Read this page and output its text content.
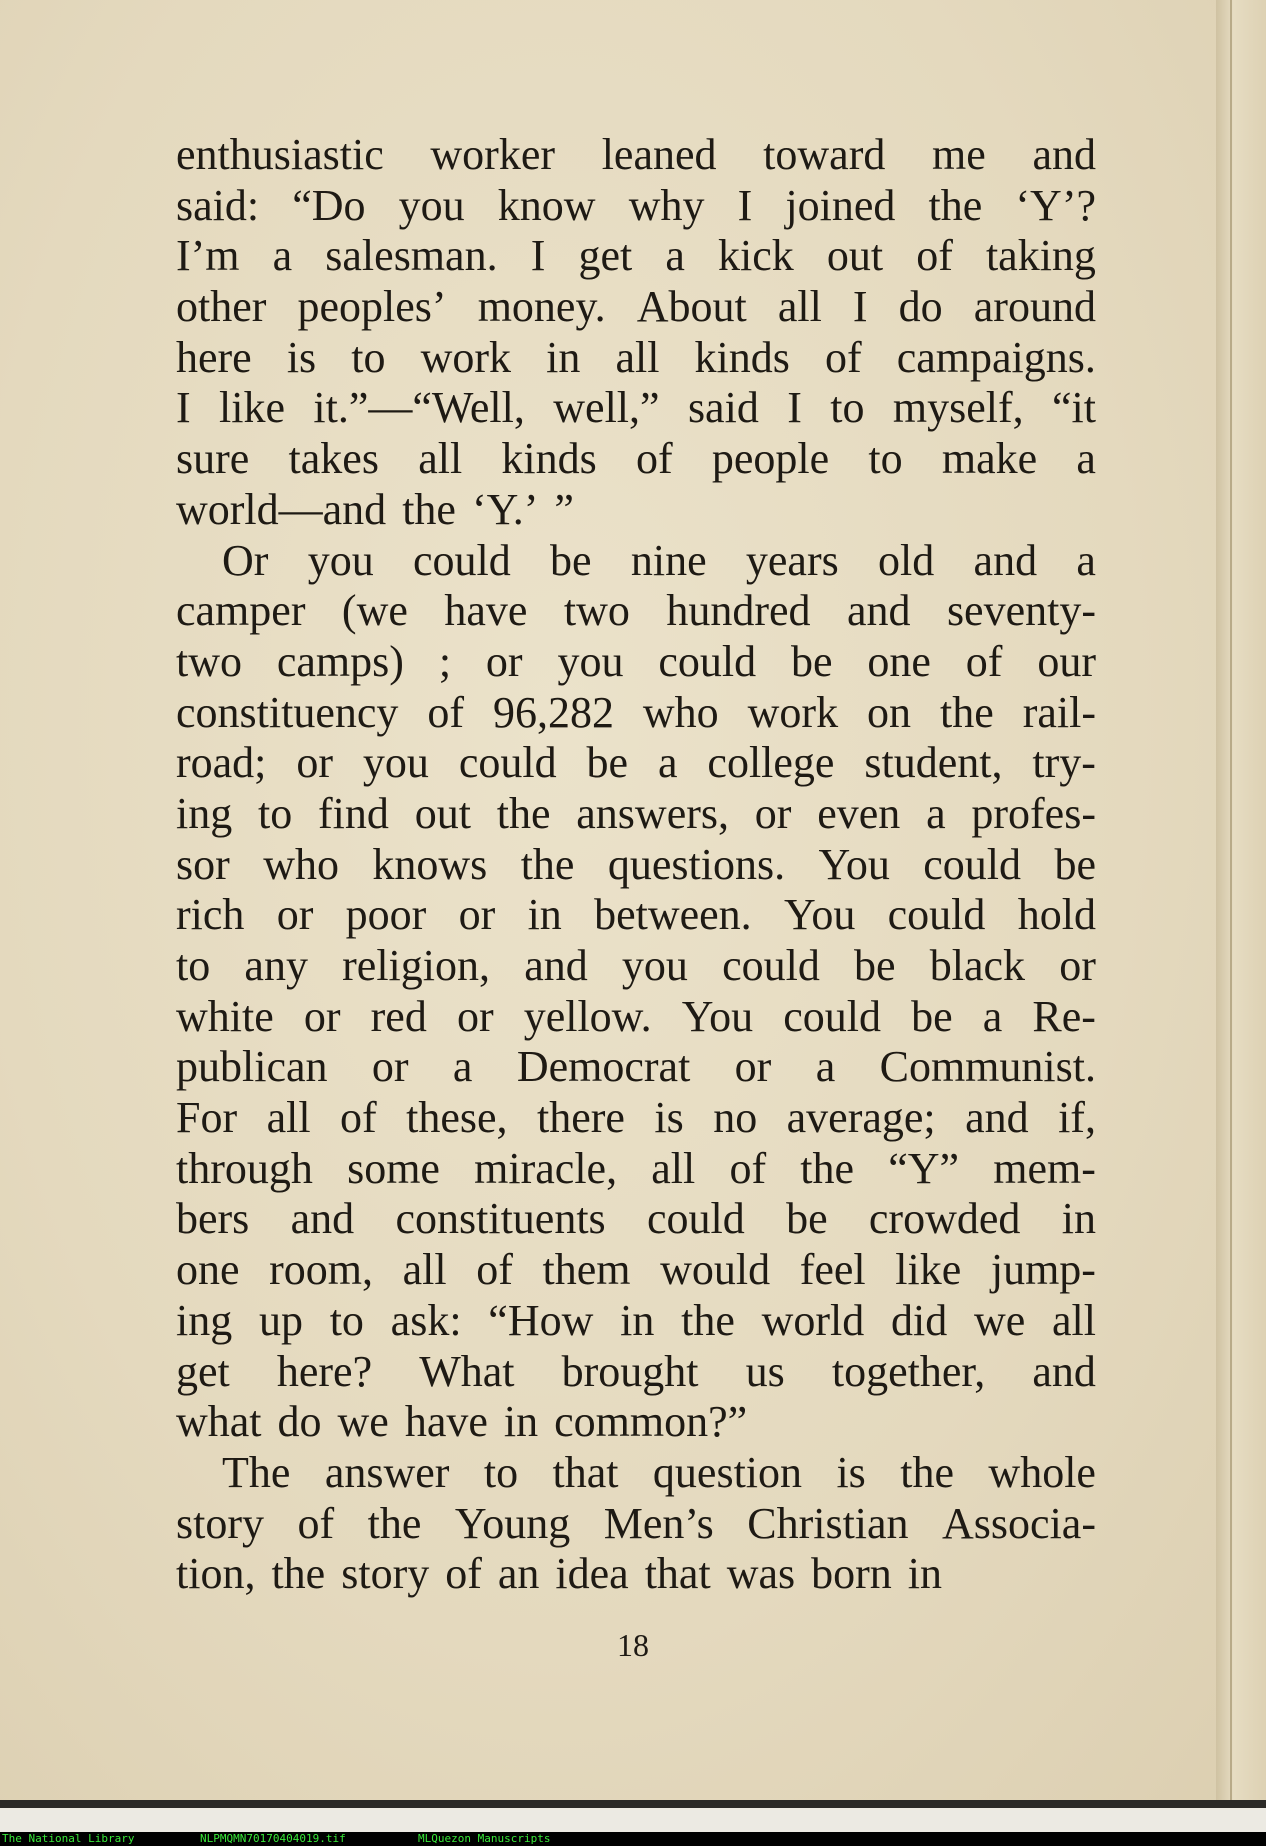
enthusiastic worker leaned toward me and
said: “Do you know why I joined the ‘Y’?
I’m a salesman. I get a kick out of taking
other peoples’ money. About all I do around
here is to work in all kinds of campaigns.
I like it.”—“Well, well,” said I to myself, “it
sure takes all kinds of people to make a
world—and the ‘Y.’ ”
Or you could be nine years old and a
camper (we have two hundred and seventy-
two camps) ; or you could be one of our
constituency of 96,282 who work on the rail-
road; or you could be a college student, try-
ing to find out the answers, or even a profes-
sor who knows the questions. You could be
rich or poor or in between. You could hold
to any religion, and you could be black or
white or red or yellow. You could be a Re-
publican or a Democrat or a Communist.
For all of these, there is no average; and if,
through some miracle, all of the “Y” mem-
bers and constituents could be crowded in
one room, all of them would feel like jump-
ing up to ask: “How in the world did we all
get here? What brought us together, and
what do we have in common?”
The answer to that question is the whole
story of the Young Men’s Christian Associa-
tion, the story of an idea that was born in
18
The National Library	NLPMQMN70170404019.tif	MLQuezon Manuscripts
